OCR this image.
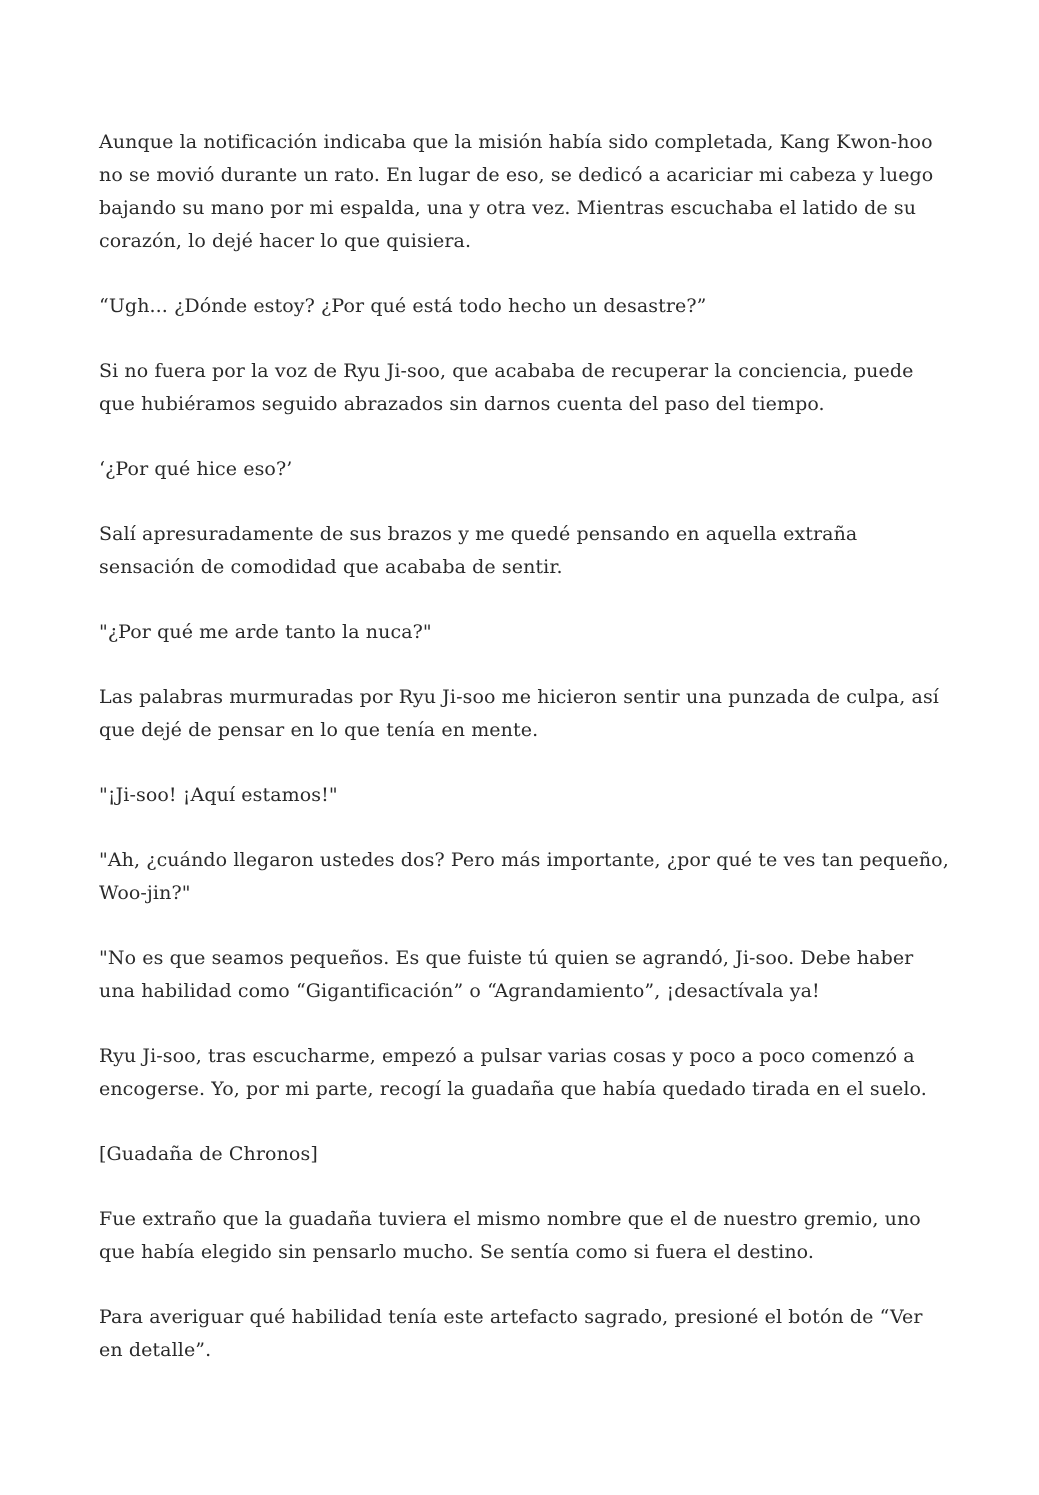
Aunque la notificación indicaba que la misión había sido completada, Kang Kwon-hoo no se movió durante un rato. En lugar de eso, se dedicó a acariciar mi cabeza y luego bajando su mano por mi espalda, una y otra vez. Mientras escuchaba el latido de su corazón, lo dejé hacer lo que quisiera.

“Ugh... ¿Dónde estoy? ¿Por qué está todo hecho un desastre?”

Si no fuera por la voz de Ryu Ji-soo, que acababa de recuperar la conciencia, puede que hubiéramos seguido abrazados sin darnos cuenta del paso del tiempo.

‘¿Por qué hice eso?’

Salí apresuradamente de sus brazos y me quedé pensando en aquella extraña sensación de comodidad que acababa de sentir.

"¿Por qué me arde tanto la nuca?"

Las palabras murmuradas por Ryu Ji-soo me hicieron sentir una punzada de culpa, así que dejé de pensar en lo que tenía en mente.

"¡Ji-soo! ¡Aquí estamos!"

"Ah, ¿cuándo llegaron ustedes dos? Pero más importante, ¿por qué te ves tan pequeño, Woo-jin?"

"No es que seamos pequeños. Es que fuiste tú quien se agrandó, Ji-soo. Debe haber una habilidad como “Gigantificación” o “Agrandamiento”, ¡desactívala ya!

Ryu Ji-soo, tras escucharme, empezó a pulsar varias cosas y poco a poco comenzó a encogerse. Yo, por mi parte, recogí la guadaña que había quedado tirada en el suelo.

[Guadaña de Chronos]

Fue extraño que la guadaña tuviera el mismo nombre que el de nuestro gremio, uno que había elegido sin pensarlo mucho. Se sentía como si fuera el destino.

Para averiguar qué habilidad tenía este artefacto sagrado, presioné el botón de “Ver en detalle”.
